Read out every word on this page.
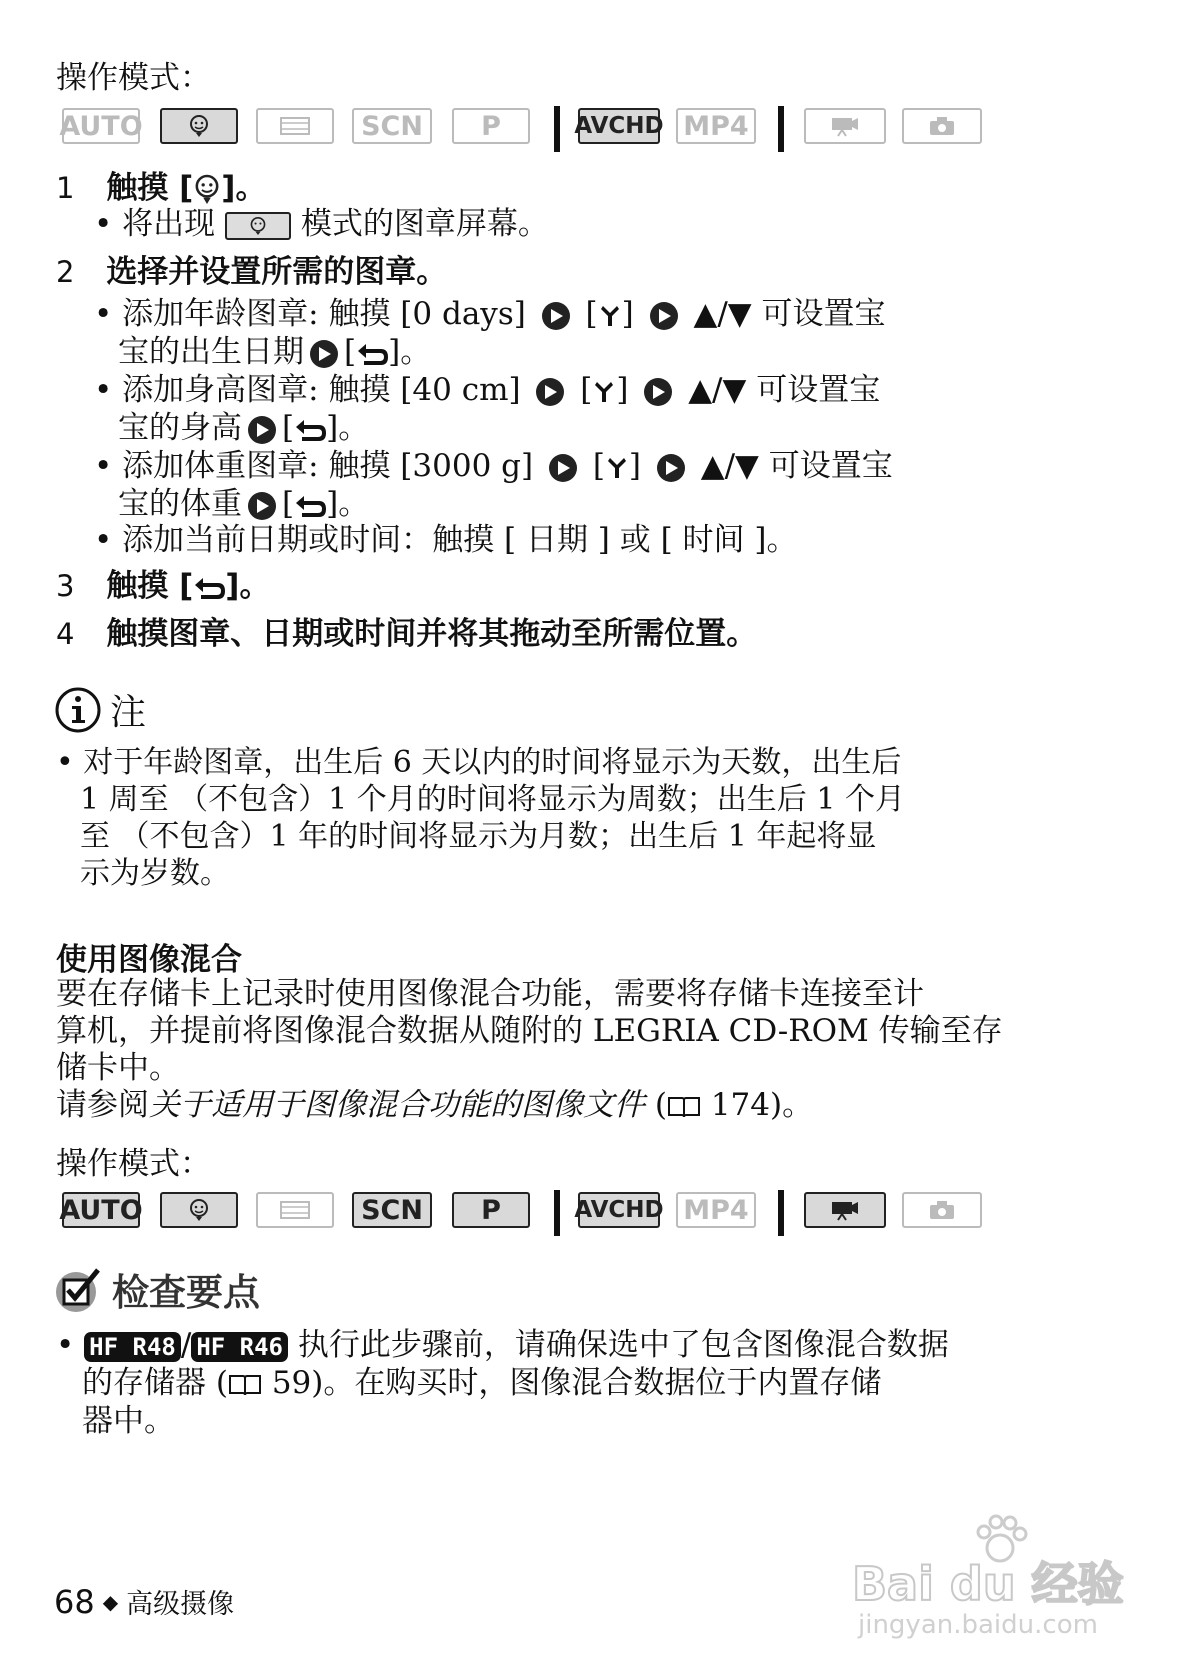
操作模式：
AUTO	SCN	P	AVCHD MP4
1 触摸 [ ]。
• 将出现	模式的图章屏幕。
2 选择并设置所需的图章。
• 添加年龄图章: 触摸 [0 days] [ ] ▲/▼ 可设置宝
宝的出生日期 [ ]。
• 添加身高图章: 触摸 [40 cm] [ ] ▲/▼ 可设置宝
宝的身高 [ ]。
• 添加体重图章: 触摸 [3000 g] [ ] ▲/▼ 可设置宝
宝的体重 [ ]。
• 添加当前日期或时间：触摸 [ 日期 ] 或 [ 时间 ]。
3 触摸 [ ]。
4 触摸图章、日期或时间并将其拖动至所需位置。
注
• 对于年龄图章，出生后 6 天以内的时间将显示为天数，出生后
1 周至 （不包含）1 个月的时间将显示为周数；出生后 1 个月
至 （不包含）1 年的时间将显示为月数；出生后 1 年起将显
示为岁数。
使用图像混合
要在存储卡上记录时使用图像混合功能，需要将存储卡连接至计
算机，并提前将图像混合数据从随附的 LEGRIA CD-ROM 传输至存
储卡中。
请参阅关于适用于图像混合功能的图像文件 ( 174)。
操作模式：
AUTO	SCN	P	AVCHD MP4
检查要点
• HF R48 / HF R46 执行此步骤前，请确保选中了包含图像混合数据
的存储器 ( 59)。在购买时，图像混合数据位于内置存储
器中。
68 ◆ 高级摄像	Bai du 经验
jingyan.baidu.com
